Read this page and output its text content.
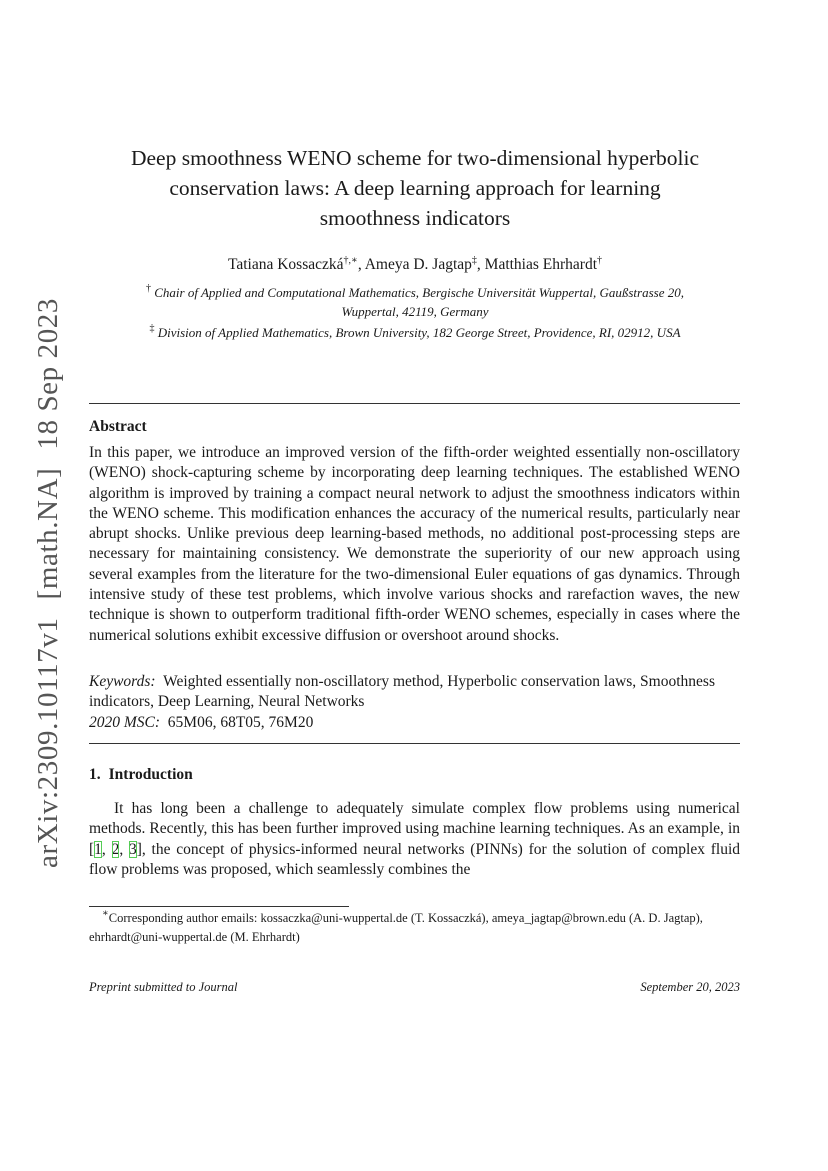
arXiv:2309.10117v1[math.NA]18 Sep 2023
Deep smoothness WENO scheme for two-dimensional hyperbolic
conservation laws: A deep learning approach for learning
smoothness indicators
Tatiana Kossaczká†,∗, Ameya D. Jagtap‡, Matthias Ehrhardt†
† Chair of Applied and Computational Mathematics, Bergische Universität Wuppertal, Gaußstrasse 20,
Wuppertal, 42119, Germany
‡ Division of Applied Mathematics, Brown University, 182 George Street, Providence, RI, 02912, USA
Abstract

In this paper, we introduce an improved version of the fifth-order weighted essentially non-oscillatory (WENO) shock-capturing scheme by incorporating deep learning techniques. The established WENO algorithm is improved by training a compact neural network to adjust the smoothness indicators within the WENO scheme. This modification enhances the accuracy of the numerical results, particularly near abrupt shocks. Unlike previous deep learning-based methods, no additional post-processing steps are necessary for maintaining consistency. We demonstrate the superiority of our new approach using several examples from the literature for the two-dimensional Euler equations of gas dynamics. Through intensive study of these test problems, which involve various shocks and rarefaction waves, the new technique is shown to outperform traditional fifth-order WENO schemes, especially in cases where the numerical solutions exhibit excessive diffusion or overshoot around shocks.

Keywords: Weighted essentially non-oscillatory method, Hyperbolic conservation laws, Smoothness indicators, Deep Learning, Neural Networks

2020 MSC: 65M06, 68T05, 76M20

1. Introduction

It has long been a challenge to adequately simulate complex flow problems using numerical methods. Recently, this has been further improved using machine learning techniques. As an example, in [1, 2, 3], the concept of physics-informed neural networks (PINNs) for the solution of complex fluid flow problems was proposed, which seamlessly combines the

∗Corresponding author emails: kossaczka@uni-wuppertal.de (T. Kossaczká), ameya_jagtap@brown.edu (A. D. Jagtap), ehrhardt@uni-wuppertal.de (M. Ehrhardt)

Preprint submitted to Journal	September 20, 2023
